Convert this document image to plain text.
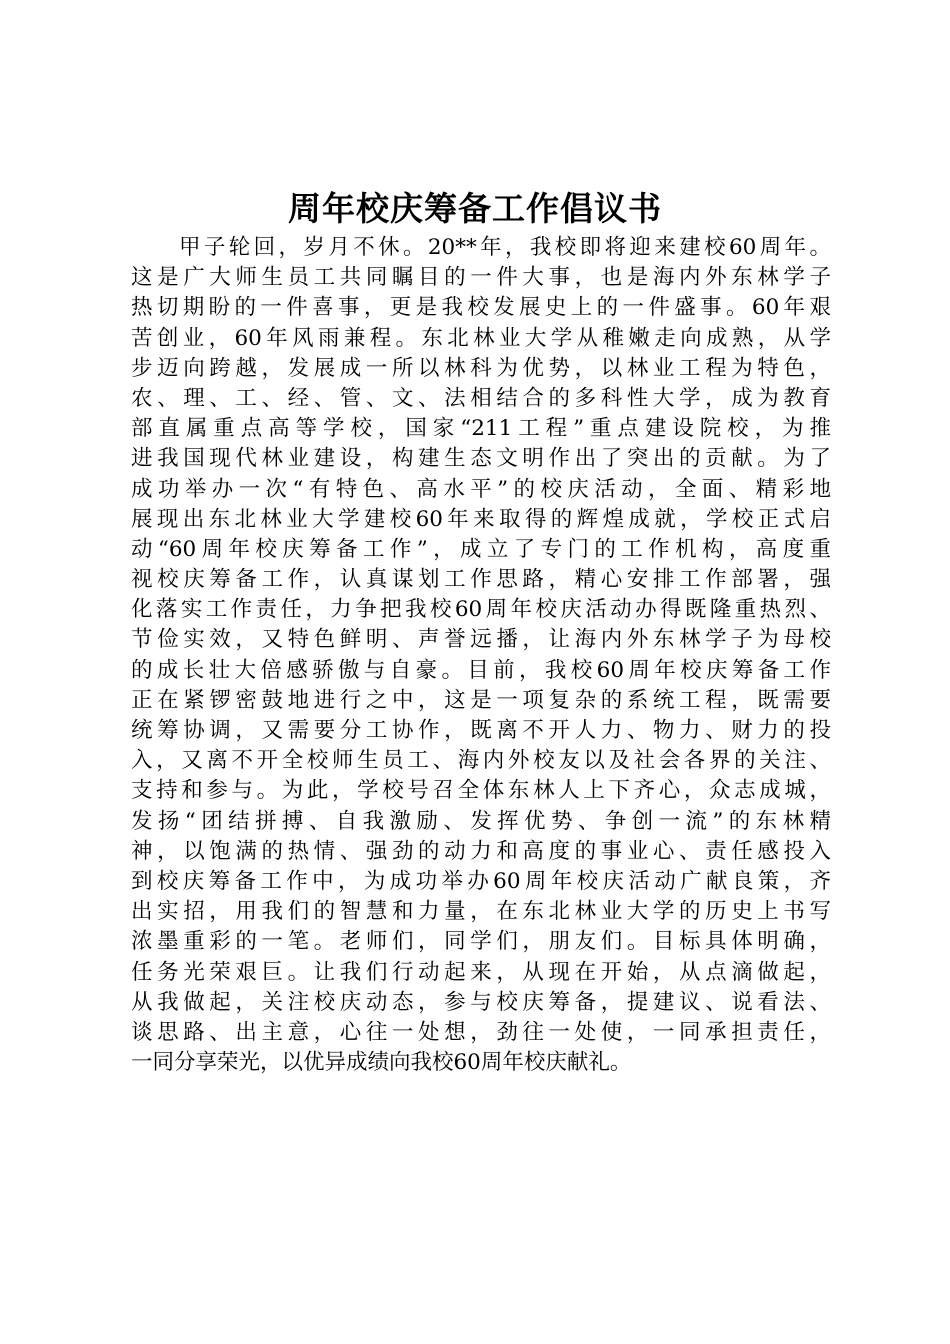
周年校庆筹备工作倡议书
甲子轮回，岁月不休。20**年，我校即将迎来建校60周年。
这是广大师生员工共同瞩目的一件大事，也是海内外东林学子
热切期盼的一件喜事，更是我校发展史上的一件盛事。60年艰
苦创业，60年风雨兼程。东北林业大学从稚嫩走向成熟，从学
步迈向跨越，发展成一所以林科为优势，以林业工程为特色，
农、理、工、经、管、文、法相结合的多科性大学，成为教育
部直属重点高等学校，国家“211工程”重点建设院校，为推
进我国现代林业建设，构建生态文明作出了突出的贡献。为了
成功举办一次“有特色、高水平”的校庆活动，全面、精彩地
展现出东北林业大学建校60年来取得的辉煌成就，学校正式启
动“60周年校庆筹备工作”，成立了专门的工作机构，高度重
视校庆筹备工作，认真谋划工作思路，精心安排工作部署，强
化落实工作责任，力争把我校60周年校庆活动办得既隆重热烈、
节俭实效，又特色鲜明、声誉远播，让海内外东林学子为母校
的成长壮大倍感骄傲与自豪。目前，我校60周年校庆筹备工作
正在紧锣密鼓地进行之中，这是一项复杂的系统工程，既需要
统筹协调，又需要分工协作，既离不开人力、物力、财力的投
入，又离不开全校师生员工、海内外校友以及社会各界的关注、
支持和参与。为此，学校号召全体东林人上下齐心，众志成城，
发扬“团结拼搏、自我激励、发挥优势、争创一流”的东林精
神，以饱满的热情、强劲的动力和高度的事业心、责任感投入
到校庆筹备工作中，为成功举办60周年校庆活动广献良策，齐
出实招，用我们的智慧和力量，在东北林业大学的历史上书写
浓墨重彩的一笔。老师们，同学们，朋友们。目标具体明确，
任务光荣艰巨。让我们行动起来，从现在开始，从点滴做起，
从我做起，关注校庆动态，参与校庆筹备，提建议、说看法、
谈思路、出主意，心往一处想，劲往一处使，一同承担责任，
一同分享荣光，以优异成绩向我校60周年校庆献礼。
